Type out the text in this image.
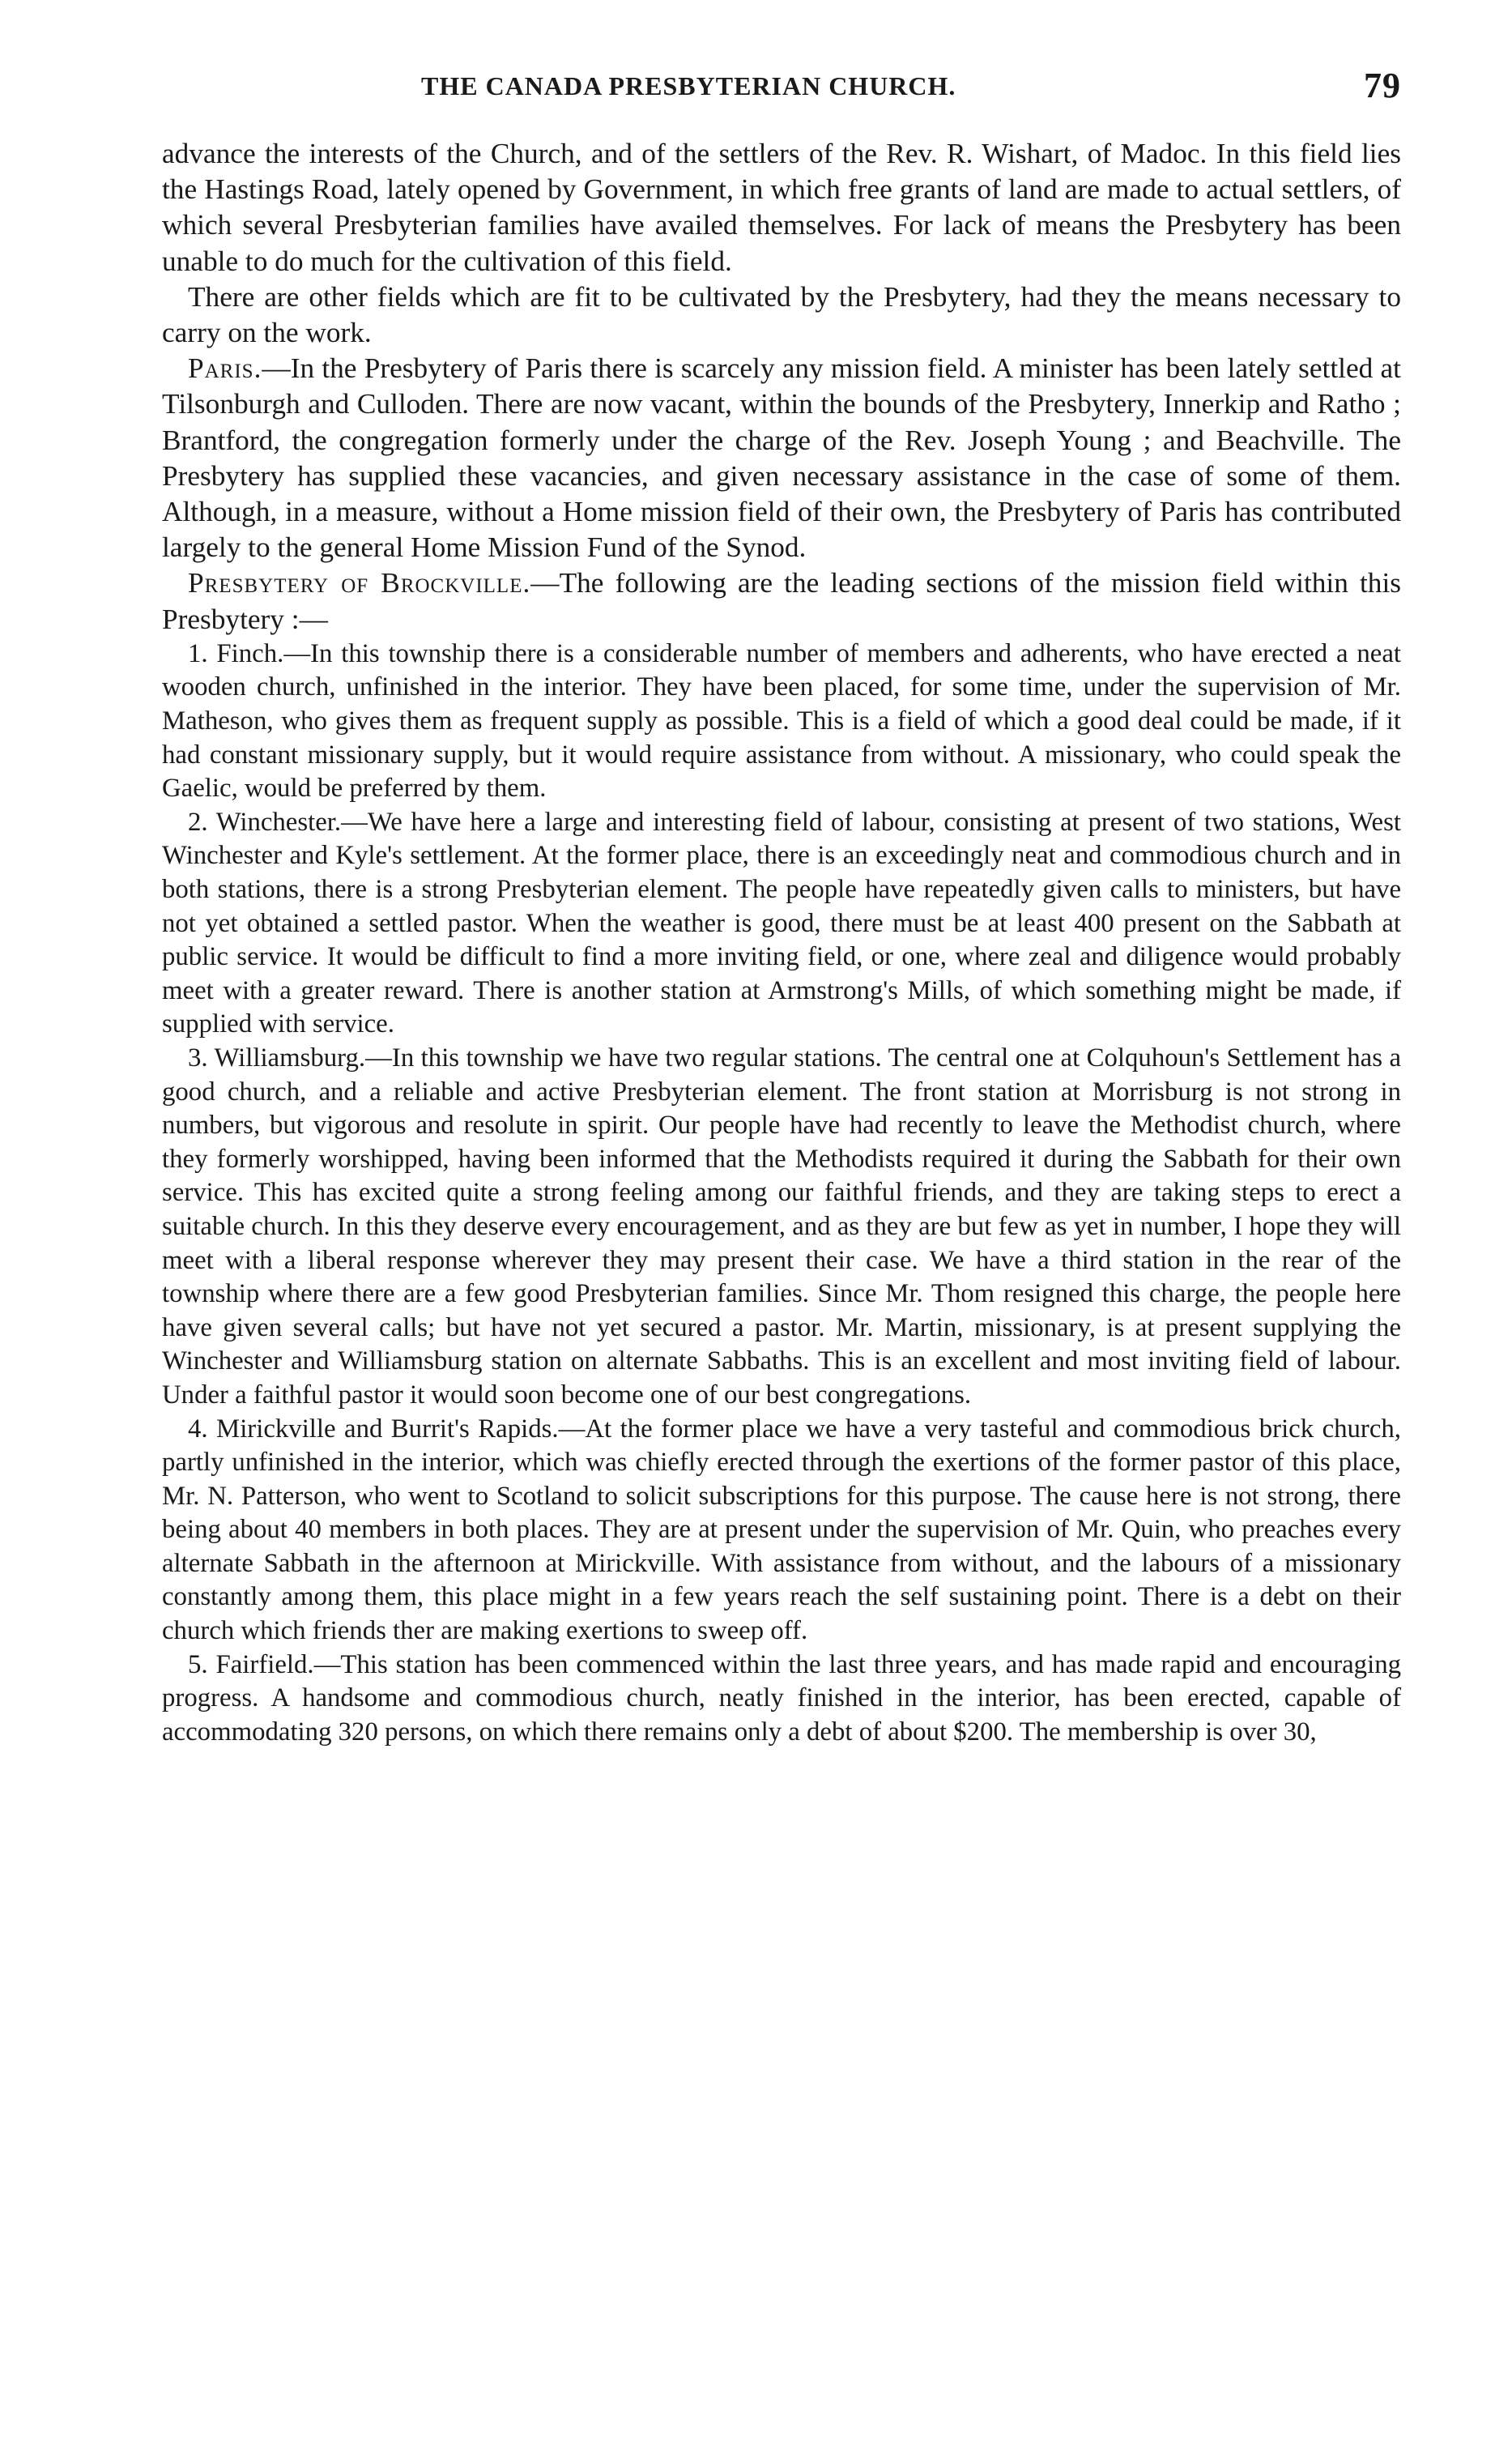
THE CANADA PRESBYTERIAN CHURCH.	79

advance the interests of the Church, and of the settlers of the Rev. R. Wishart, of Madoc. In this field lies the Hastings Road, lately opened by Government, in which free grants of land are made to actual settlers, of which several Presbyterian families have availed themselves. For lack of means the Presbytery has been unable to do much for the cultivation of this field.

There are other fields which are fit to be cultivated by the Presbytery, had they the means necessary to carry on the work.

Paris.—In the Presbytery of Paris there is scarcely any mission field. A minister has been lately settled at Tilsonburgh and Culloden. There are now vacant, within the bounds of the Presbytery, Innerkip and Ratho ; Brantford, the congregation formerly under the charge of the Rev. Joseph Young ; and Beachville. The Presbytery has supplied these vacancies, and given necessary assistance in the case of some of them. Although, in a measure, without a Home mission field of their own, the Presbytery of Paris has contributed largely to the general Home Mission Fund of the Synod.

Presbytery of Brockville.—The following are the leading sections of the mission field within this Presbytery :—

1. Finch.—In this township there is a considerable number of members and adherents, who have erected a neat wooden church, unfinished in the interior. They have been placed, for some time, under the supervision of Mr. Matheson, who gives them as frequent supply as possible. This is a field of which a good deal could be made, if it had constant missionary supply, but it would require assistance from without. A missionary, who could speak the Gaelic, would be preferred by them.

2. Winchester.—We have here a large and interesting field of labour, consisting at present of two stations, West Winchester and Kyle's settlement. At the former place, there is an exceedingly neat and commodious church and in both stations, there is a strong Presbyterian element. The people have repeatedly given calls to ministers, but have not yet obtained a settled pastor. When the weather is good, there must be at least 400 present on the Sabbath at public service. It would be difficult to find a more inviting field, or one, where zeal and diligence would probably meet with a greater reward. There is another station at Armstrong's Mills, of which something might be made, if supplied with service.

3. Williamsburg.—In this township we have two regular stations. The central one at Colquhoun's Settlement has a good church, and a reliable and active Presbyterian element. The front station at Morrisburg is not strong in numbers, but vigorous and resolute in spirit. Our people have had recently to leave the Methodist church, where they formerly worshipped, having been informed that the Methodists required it during the Sabbath for their own service. This has excited quite a strong feeling among our faithful friends, and they are taking steps to erect a suitable church. In this they deserve every encouragement, and as they are but few as yet in number, I hope they will meet with a liberal response wherever they may present their case. We have a third station in the rear of the township where there are a few good Presbyterian families. Since Mr. Thom resigned this charge, the people here have given several calls; but have not yet secured a pastor. Mr. Martin, missionary, is at present supplying the Winchester and Williamsburg station on alternate Sabbaths. This is an excellent and most inviting field of labour. Under a faithful pastor it would soon become one of our best congregations.

4. Mirickville and Burrit's Rapids.—At the former place we have a very tasteful and commodious brick church, partly unfinished in the interior, which was chiefly erected through the exertions of the former pastor of this place, Mr. N. Patterson, who went to Scotland to solicit subscriptions for this purpose. The cause here is not strong, there being about 40 members in both places. They are at present under the supervision of Mr. Quin, who preaches every alternate Sabbath in the afternoon at Mirickville. With assistance from without, and the labours of a missionary constantly among them, this place might in a few years reach the self sustaining point. There is a debt on their church which friends ther are making exertions to sweep off.

5. Fairfield.—This station has been commenced within the last three years, and has made rapid and encouraging progress. A handsome and commodious church, neatly finished in the interior, has been erected, capable of accommodating 320 persons, on which there remains only a debt of about $200. The membership is over 30,
